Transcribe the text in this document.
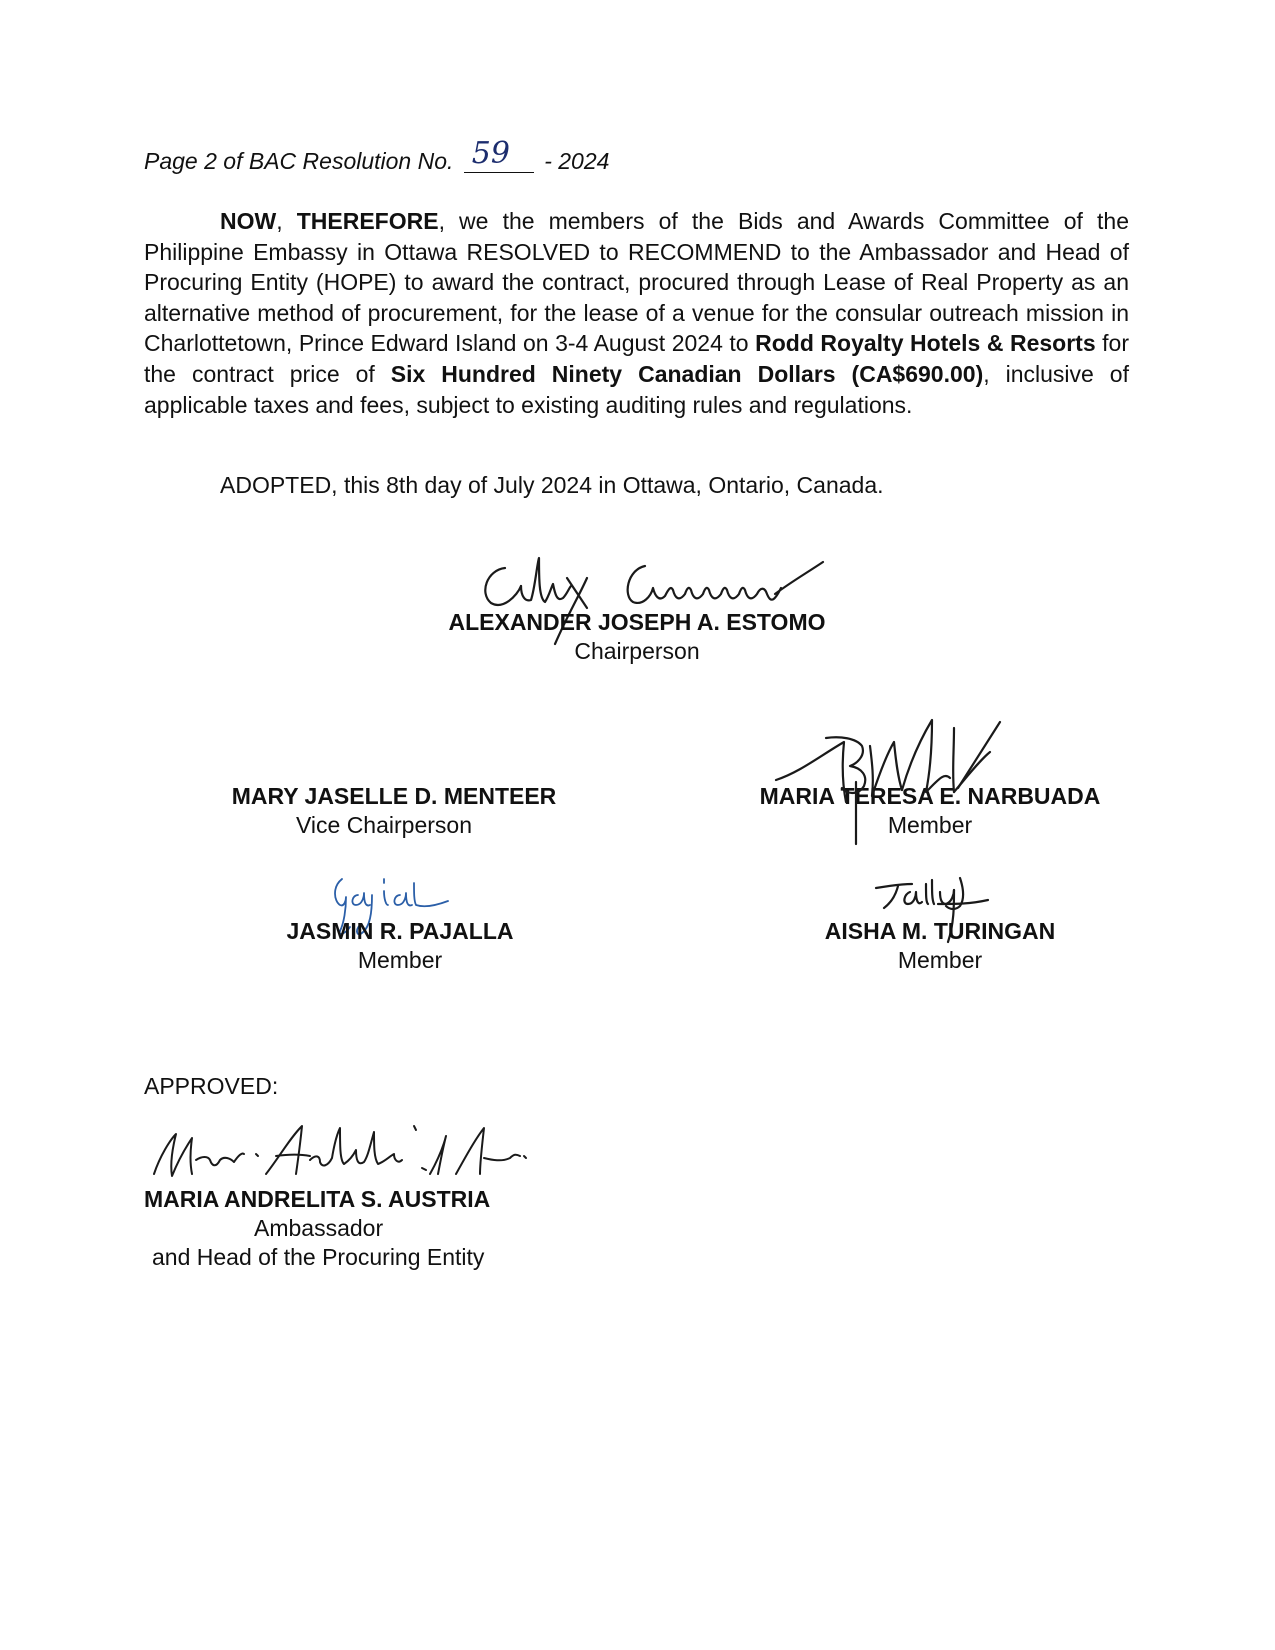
Page 2 of BAC Resolution No. 59 - 2024
NOW, THEREFORE, we the members of the Bids and Awards Committee of the Philippine Embassy in Ottawa RESOLVED to RECOMMEND to the Ambassador and Head of Procuring Entity (HOPE) to award the contract, procured through Lease of Real Property as an alternative method of procurement, for the lease of a venue for the consular outreach mission in Charlottetown, Prince Edward Island on 3-4 August 2024 to Rodd Royalty Hotels & Resorts for the contract price of Six Hundred Ninety Canadian Dollars (CA$690.00), inclusive of applicable taxes and fees, subject to existing auditing rules and regulations.
ADOPTED, this 8th day of July 2024 in Ottawa, Ontario, Canada.
ALEXANDER JOSEPH A. ESTOMO
Chairperson
MARY JASELLE D. MENTEER
Vice Chairperson
MARIA TERESA E. NARBUADA
Member
JASMIN R. PAJALLA
Member
AISHA M. TURINGAN
Member
APPROVED:
MARIA ANDRELITA S. AUSTRIA
Ambassador
and Head of the Procuring Entity
